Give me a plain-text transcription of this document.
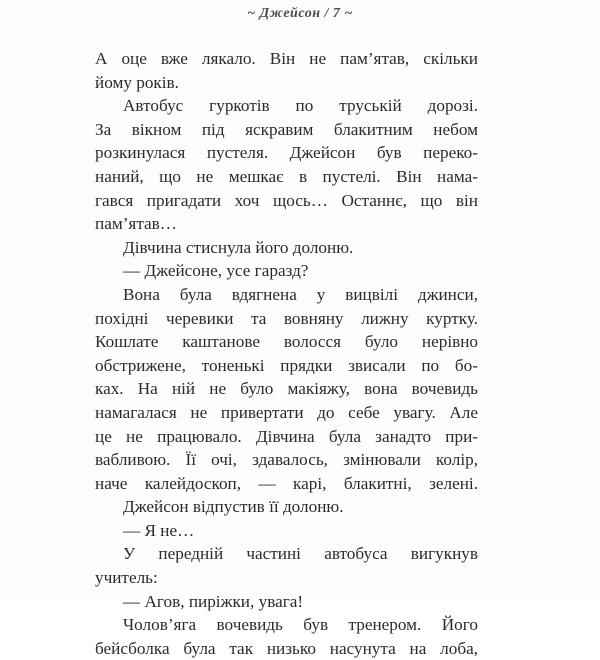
~ Джейсон / 7 ~
А оце вже лякало. Він не пам’ятав, скільки
йому років.
Автобус гуркотів по труській дорозі.
За вікном під яскравим блакитним небом
розкинулася пустеля. Джейсон був переко-
наний, що не мешкає в пустелі. Він нама-
гався пригадати хоч щось… Останнє, що він
пам’ятав…
Дівчина стиснула його долоню.
— Джейсоне, усе гаразд?
Вона була вдягнена у вицвілі джинси,
похідні черевики та вовняну лижну куртку.
Кошлате каштанове волосся було нерівно
обстрижене, тоненькі прядки звисали по бо-
ках. На ній не було макіяжу, вона вочевидь
намагалася не привертати до себе увагу. Але
це не працювало. Дівчина була занадто при-
вабливою. Її очі, здавалось, змінювали колір,
наче калейдоскоп, — карі, блакитні, зелені.
Джейсон відпустив її долоню.
— Я не…
У передній частині автобуса вигукнув
учитель:
— Агов, пиріжки, увага!
Чолов’яга вочевидь був тренером. Його
бейсболка була так низько насунута на лоба,
